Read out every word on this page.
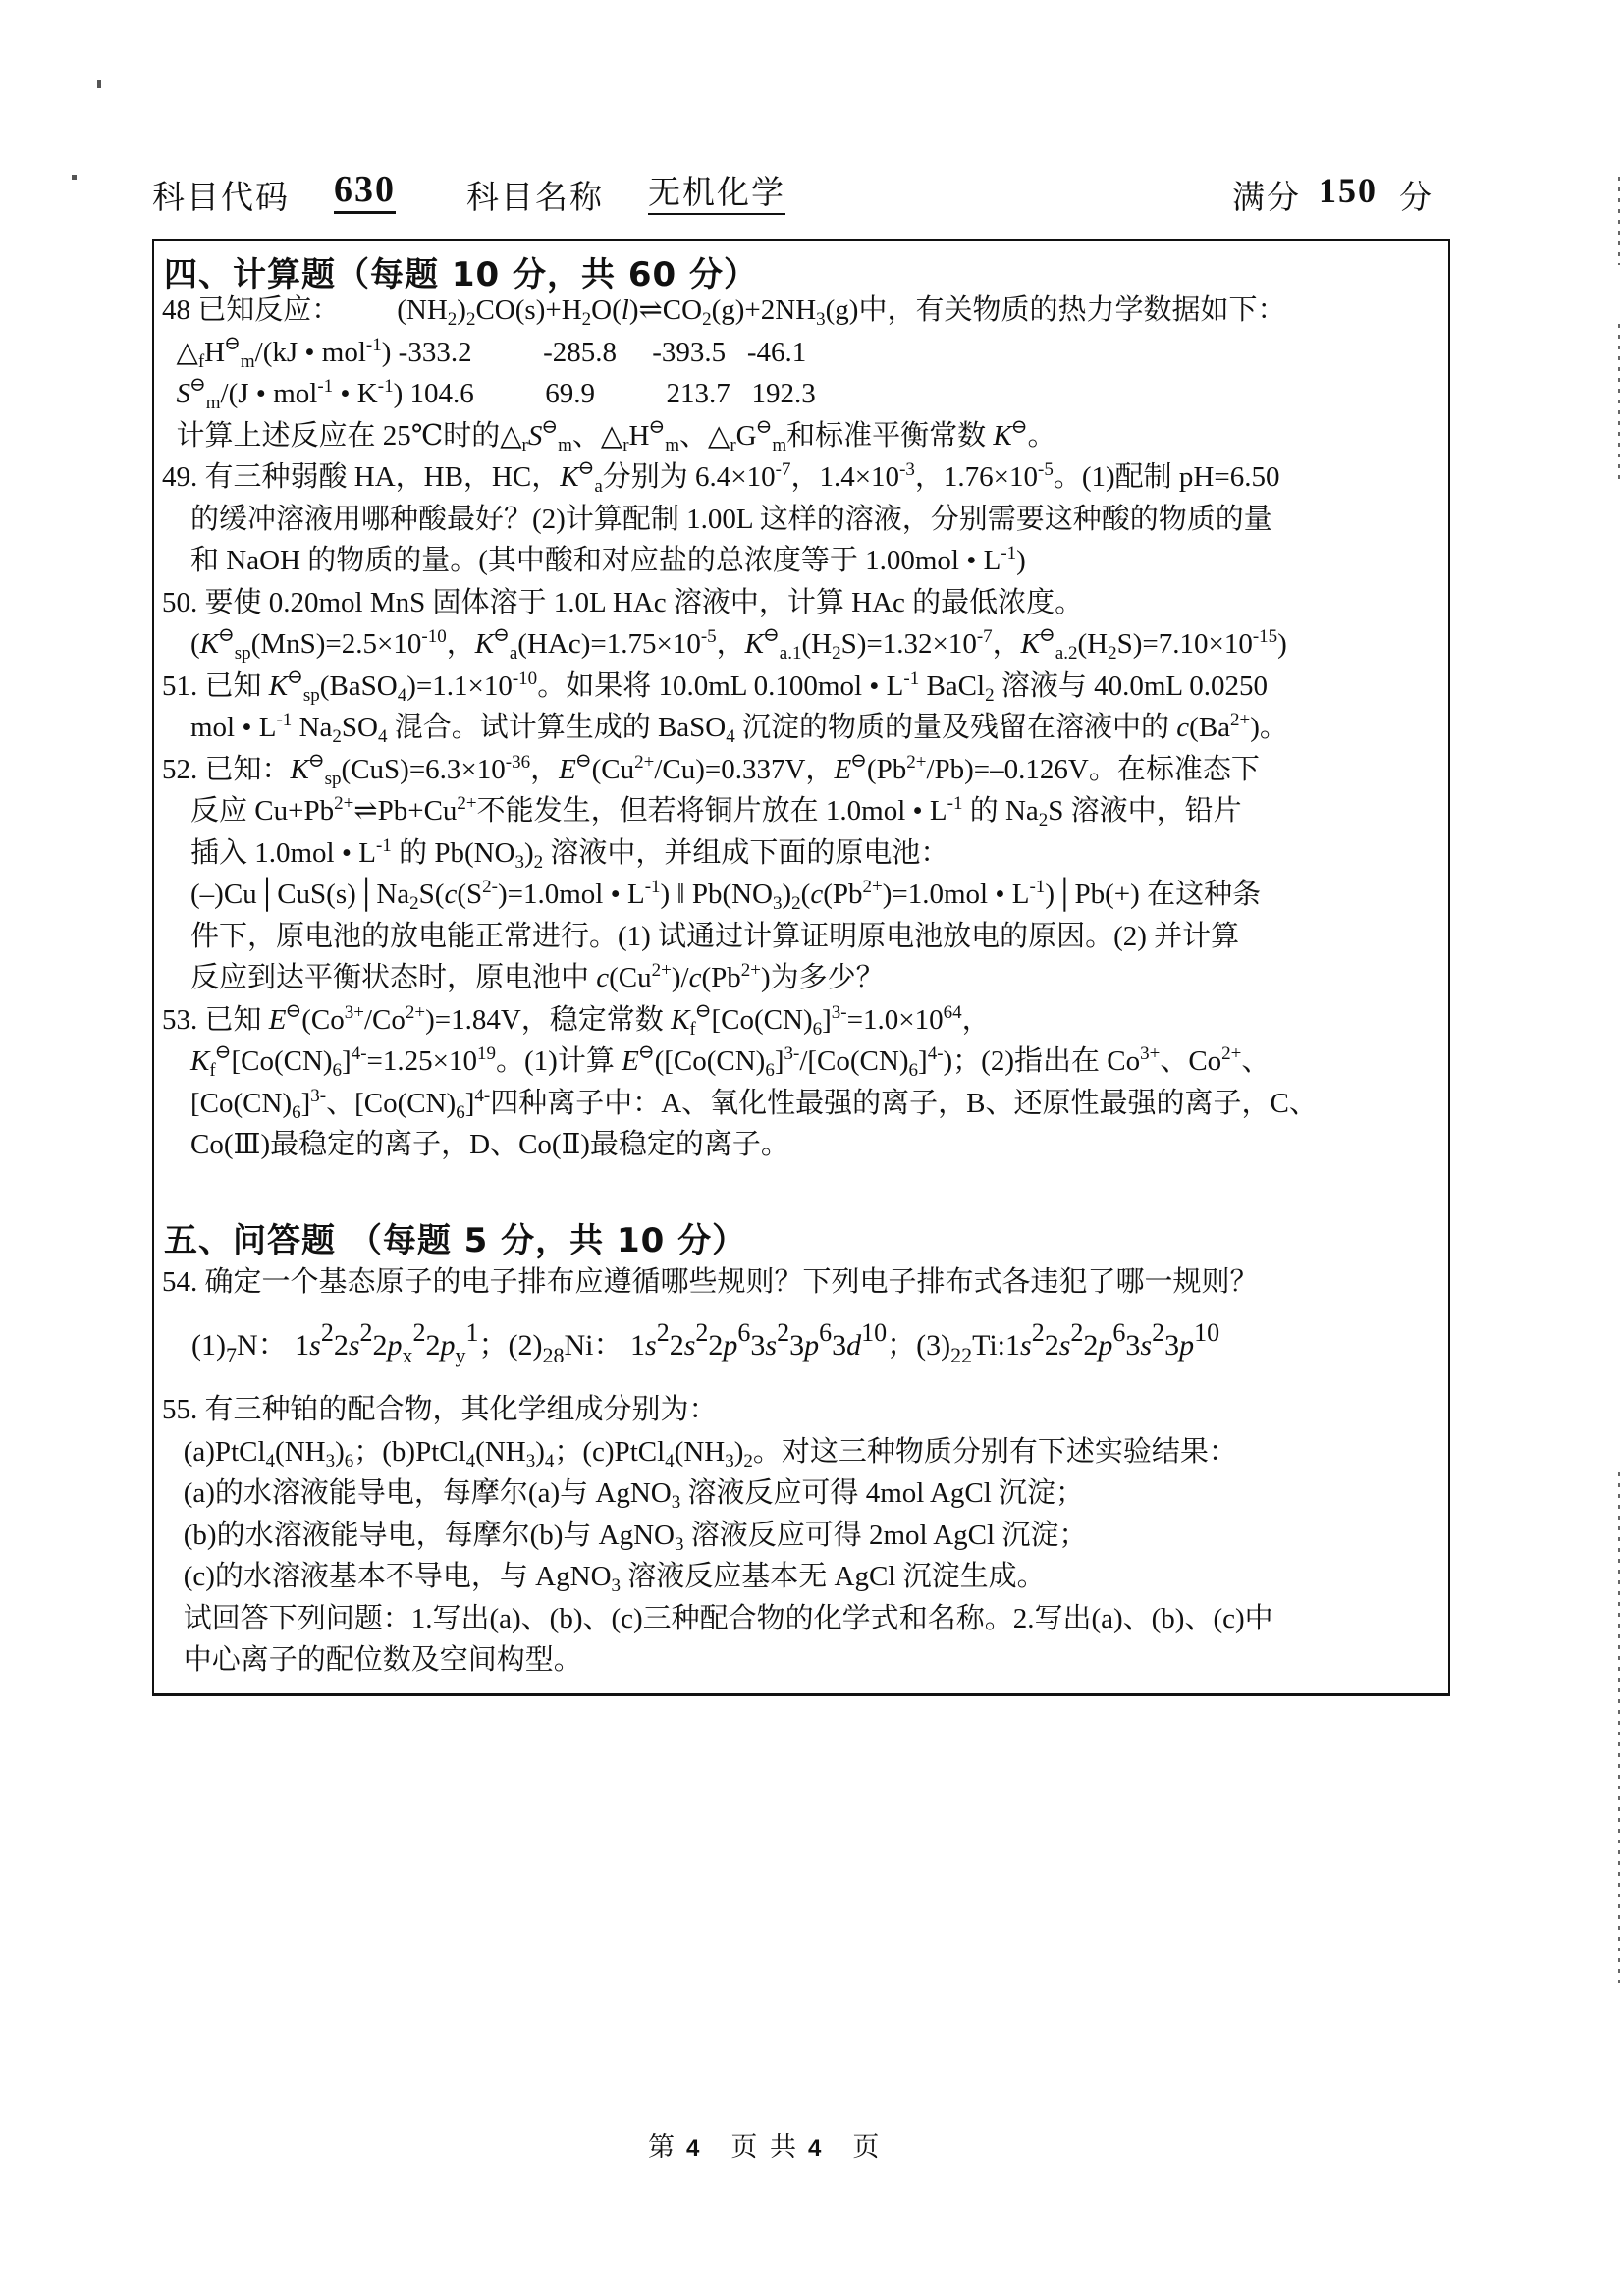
科目代码 630 科目名称 无机化学	满分 150 分
四、计算题（每题 10 分，共 60 分）
48 已知反应：        $(NH_2)_2CO(s)+H_2O(l)\rightleftharpoons CO_2(g)+2NH_3(g)$中，有关物质的热力学数据如下：
$\triangle_fH^⊖_m/(kJ$ • mol$^{-1}$) -333.2          -285.8     -393.5   -46.1
$S^⊖_m/(J$ • mol$^{-1}$ • $K^{-1}$) 104.6          69.9          213.7   192.3
计算上述反应在 25℃时的$\triangle_rS^⊖_m$、$\triangle_rH^⊖_m$、$\triangle_rG^⊖_m$和标准平衡常数 K⊖。
49. 有三种弱酸 HA，HB，HC，$K^⊖_a$分别为 $6.4\times 10^{-7}$，$1.4\times 10^{-3}$，$1.76\times 10^{-5}$。(1)配制 pH=6.50
的缓冲溶液用哪种酸最好？(2)计算配制 1.00L 这样的溶液，分别需要这种酸的物质的量
和 NaOH 的物质的量。(其中酸和对应盐的总浓度等于 1.00mol • $L^{-1}$)
50. 要使 0.20mol MnS 固体溶于 1.0L HAc 溶液中，计算 HAc 的最低浓度。
($K^⊖_{sp}(MnS)=2.5\times 10^{-10}$，$K^⊖_a(HAc)=1.75\times 10^{-5}$，$K^⊖_{a.1}(H_2S)=1.32\times 10^{-7}$，$K^⊖_{a.2}(H_2S)=7.10\times 10^{-15}$)
51. 已知 $K^⊖_{sp}(BaSO_4)=1.1\times 10^{-10}$。如果将 10.0mL 0.100mol • $L^{-1}$ BaCl$_2$ 溶液与 40.0mL 0.0250
mol • $L^{-1}$ $Na_2SO_4$ 混合。试计算生成的 BaSO$_4$ 沉淀的物质的量及残留在溶液中的 $c(Ba^{2+})$。
52. 已知：$K^⊖_{sp}(CuS)=6.3\times 10^{-36}$，$E^⊖(Cu^{2+}/Cu)=0.337V$，$E^⊖(Pb^{2+}/Pb)=-0.126V$。在标准态下
反应 $Cu+Pb^{2+}\rightleftharpoons Pb+Cu^{2+}$不能发生，但若将铜片放在 1.0mol • $L^{-1}$ 的 $Na_2S$ 溶液中，铅片
插入 1.0mol • $L^{-1}$ 的 $Pb(NO_3)_2$ 溶液中，并组成下面的原电池：
$(-)Cu│CuS(s)│Na_2S(c(S^{2-})=1.0mol$ • $L^{-1}$) ‖ $Pb(NO_3)_2(c(Pb^{2+})=1.0mol$ • $L^{-1})│Pb(+)$ 在这种条
件下，原电池的放电能正常进行。(1) 试通过计算证明原电池放电的原因。(2) 并计算
反应到达平衡状态时，原电池中 $c(Cu^{2+})/c(Pb^{2+})$为多少？
53. 已知 $E^⊖(Co^{3+}/Co^{2+})=1.84V$，稳定常数 $K_f^⊖[Co(CN)_6]^{3-}=1.0\times 10^{64}$，
$K_f^⊖[Co(CN)_6]^{4-}=1.25\times 10^{19}$。(1)计算 $E^⊖([Co(CN)_6]^{3-}/[Co(CN)_6]^{4-})$；(2)指出在 $Co^{3+}$、$Co^{2+}$、
$[Co(CN)_6]^{3-}$、$[Co(CN)_6]^{4-}$四种离子中：A、氧化性最强的离子，B、还原性最强的离子，C、
Co(Ⅲ)最稳定的离子，D、Co(Ⅱ)最稳定的离子。
五、问答题 （每题 5 分，共 10 分）
54. 确定一个基态原子的电子排布应遵循哪些规则？下列电子排布式各违犯了哪一规则？
$(1)_7N$： $1s^22s^22p_x^22p_y^1$；$(2)_{28}Ni$： $1s^22s^22p^63s^23p^63d^{10}$；$(3)_{22}Ti:1s^22s^22p^63s^23p^{10}$
55. 有三种铂的配合物，其化学组成分别为：
$(a)PtCl_4(NH_3)_6$；$(b)PtCl_4(NH_3)_4$；$(c)PtCl_4(NH_3)_2$。对这三种物质分别有下述实验结果：
(a)的水溶液能导电，每摩尔(a)与 AgNO$_3$ 溶液反应可得 4mol AgCl 沉淀；
(b)的水溶液能导电，每摩尔(b)与 AgNO$_3$ 溶液反应可得 2mol AgCl 沉淀；
(c)的水溶液基本不导电，与 AgNO$_3$ 溶液反应基本无 AgCl 沉淀生成。
试回答下列问题：1.写出(a)、(b)、(c)三种配合物的化学式和名称。2.写出(a)、(b)、(c)中
中心离子的配位数及空间构型。
第 4 页 共 4 页
